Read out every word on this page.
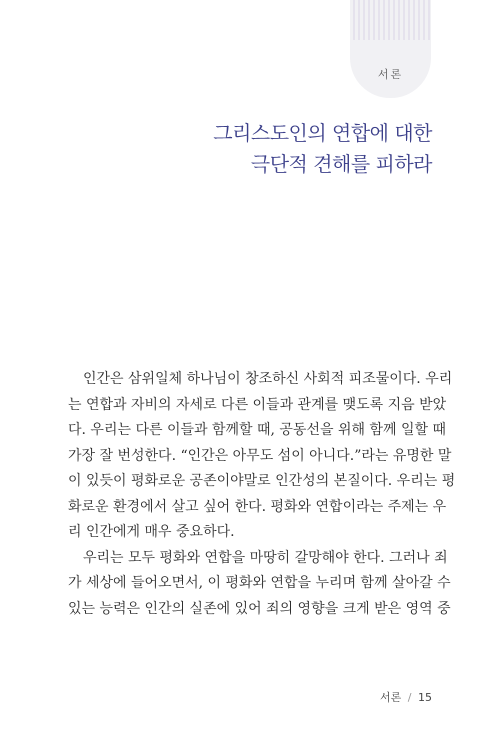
서론
그리스도인의 연합에 대한
극단적 견해를 피하라
인간은 삼위일체 하나님이 창조하신 사회적 피조물이다. 우리
는 연합과 자비의 자세로 다른 이들과 관계를 맺도록 지음 받았
다. 우리는 다른 이들과 함께할 때, 공동선을 위해 함께 일할 때
가장 잘 번성한다. “인간은 아무도 섬이 아니다.”라는 유명한 말
이 있듯이 평화로운 공존이야말로 인간성의 본질이다. 우리는 평
화로운 환경에서 살고 싶어 한다. 평화와 연합이라는 주제는 우
리 인간에게 매우 중요하다.
우리는 모두 평화와 연합을 마땅히 갈망해야 한다. 그러나 죄
가 세상에 들어오면서, 이 평화와 연합을 누리며 함께 살아갈 수
있는 능력은 인간의 실존에 있어 죄의 영향을 크게 받은 영역 중
서론 / 15
